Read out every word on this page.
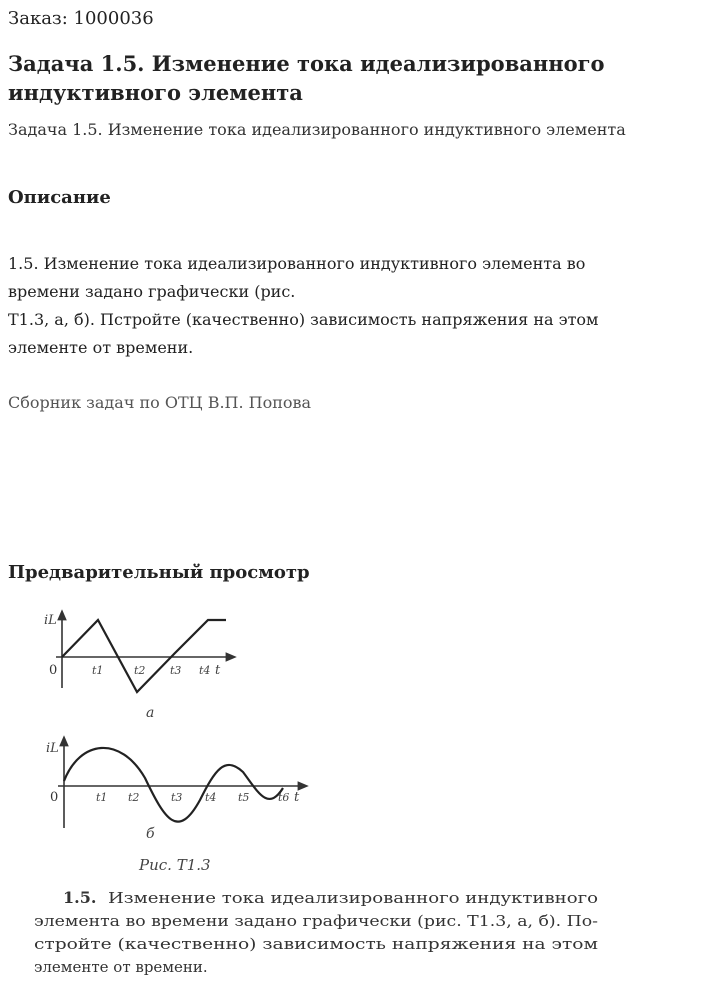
Заказ: 1000036
Задача 1.5. Изменение тока идеализированного индуктивного элемента
Задача 1.5. Изменение тока идеализированного индуктивного элемента
Описание
1.5. Изменение тока идеализированного индуктивного элемента во
времени задано графически (рис.
Т1.3, а, б). Пстройте (качественно) зависимость напряжения на этом
элементе от времени.
Сборник задач по ОТЦ В.П. Попова
Предварительный просмотр
iL
0	t1	t2 t3 t4 t
а
iL
0	t1 t2	t3 t4 t5	t6 t
б
Рис. Т1.3
1.5. Изменение тока идеализированного индуктивного
элемента во времени задано графически (рис. Т1.3, а, б). По-
стройте (качественно) зависимость напряжения на этом
элементе от времени.
